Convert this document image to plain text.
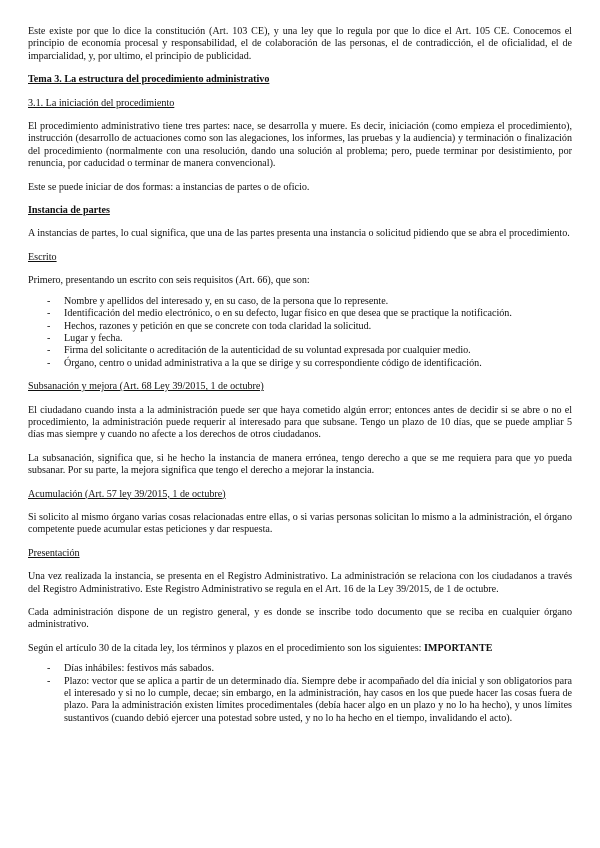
Este existe por que lo dice la constitución (Art. 103 CE), y una ley que lo regula por que lo dice el Art. 105 CE. Conocemos el principio de economía procesal y responsabilidad, el de colaboración de las personas, el de contradicción, el de oficialidad, el de imparcialidad, y, por ultimo, el principio de publicidad.

Tema 3. La estructura del procedimiento administrativo

3.1. La iniciación del procedimiento

El procedimiento administrativo tiene tres partes: nace, se desarrolla y muere. Es decir, iniciación (como empieza el procedimiento), instrucción (desarrollo de actuaciones como son las alegaciones, los informes, las pruebas y la audiencia) y terminación o finalización del procedimiento (normalmente con una resolución, dando una solución al problema; pero, puede terminar por desistimiento, por renuncia, por caducidad o terminar de manera convencional).

Este se puede iniciar de dos formas: a instancias de partes o de oficio.

Instancia de partes

A instancias de partes, lo cual significa, que una de las partes presenta una instancia o solicitud pidiendo que se abra el procedimiento.

Escrito

Primero, presentando un escrito con seis requisitos (Art. 66), que son:

- Nombre y apellidos del interesado y, en su caso, de la persona que lo represente.
- Identificación del medio electrónico, o en su defecto, lugar físico en que desea que se practique la notificación.
- Hechos, razones y petición en que se concrete con toda claridad la solicitud.
- Lugar y fecha.
- Firma del solicitante o acreditación de la autenticidad de su voluntad expresada por cualquier medio.
- Órgano, centro o unidad administrativa a la que se dirige y su correspondiente código de identificación.

Subsanación y mejora (Art. 68 Ley 39/2015, 1 de octubre)

El ciudadano cuando insta a la administración puede ser que haya cometido algún error; entonces antes de decidir si se abre o no el procedimiento, la administración puede requerir al interesado para que subsane. Tengo un plazo de 10 días, que se puede ampliar 5 días mas siempre y cuando no afecte a los derechos de otros ciudadanos.

La subsanación, significa que, si he hecho la instancia de manera errónea, tengo derecho a que se me requiera para que yo pueda subsanar. Por su parte, la mejora significa que tengo el derecho a mejorar la instancia.

Acumulación (Art. 57 ley 39/2015, 1 de octubre)

Si solicito al mismo órgano varias cosas relacionadas entre ellas, o si varias personas solicitan lo mismo a la administración, el órgano competente puede acumular estas peticiones y dar respuesta.

Presentación

Una vez realizada la instancia, se presenta en el Registro Administrativo. La administración se relaciona con los ciudadanos a través del Registro Administrativo. Este Registro Administrativo se regula en el Art. 16 de la Ley 39/2015, de 1 de octubre.

Cada administración dispone de un registro general, y es donde se inscribe todo documento que se reciba en cualquier órgano administrativo.

Según el artículo 30 de la citada ley, los términos y plazos en el procedimiento son los siguientes: IMPORTANTE

- Días inhábiles: festivos más sabados.
- Plazo: vector que se aplica a partir de un determinado día. Siempre debe ir acompañado del día inicial y son obligatorios para el interesado y si no lo cumple, decae; sin embargo, en la administración, hay casos en los que puede hacer las cosas fuera de plazo. Para la administración existen límites procedimentales (debía hacer algo en un plazo y no lo ha hecho), y unos límites sustantivos (cuando debió ejercer una potestad sobre usted, y no lo ha hecho en el tiempo, invalidando el acto).
